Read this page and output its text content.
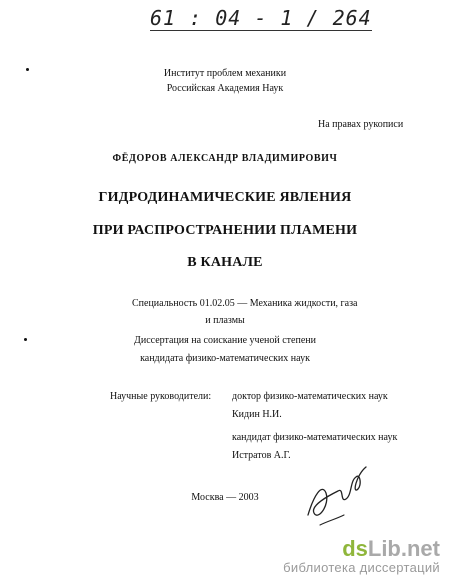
61 : 04 - 1 / 264
Институт проблем механики
Российская Академия Наук
На правах рукописи
ФЁДОРОВ АЛЕКСАНДР ВЛАДИМИРОВИЧ
ГИДРОДИНАМИЧЕСКИЕ ЯВЛЕНИЯ
ПРИ РАСПРОСТРАНЕНИИ ПЛАМЕНИ
В КАНАЛЕ
Специальность 01.02.05 — Механика жидкости, газа
и плазмы
Диссертация на соискание ученой степени
кандидата физико-математических наук
Научные руководители: доктор физико-математических наук
Кидин Н.И.
кандидат физико-математических наук
Истратов А.Г.
Москва — 2003
dsLib.net
библиотека диссертаций
